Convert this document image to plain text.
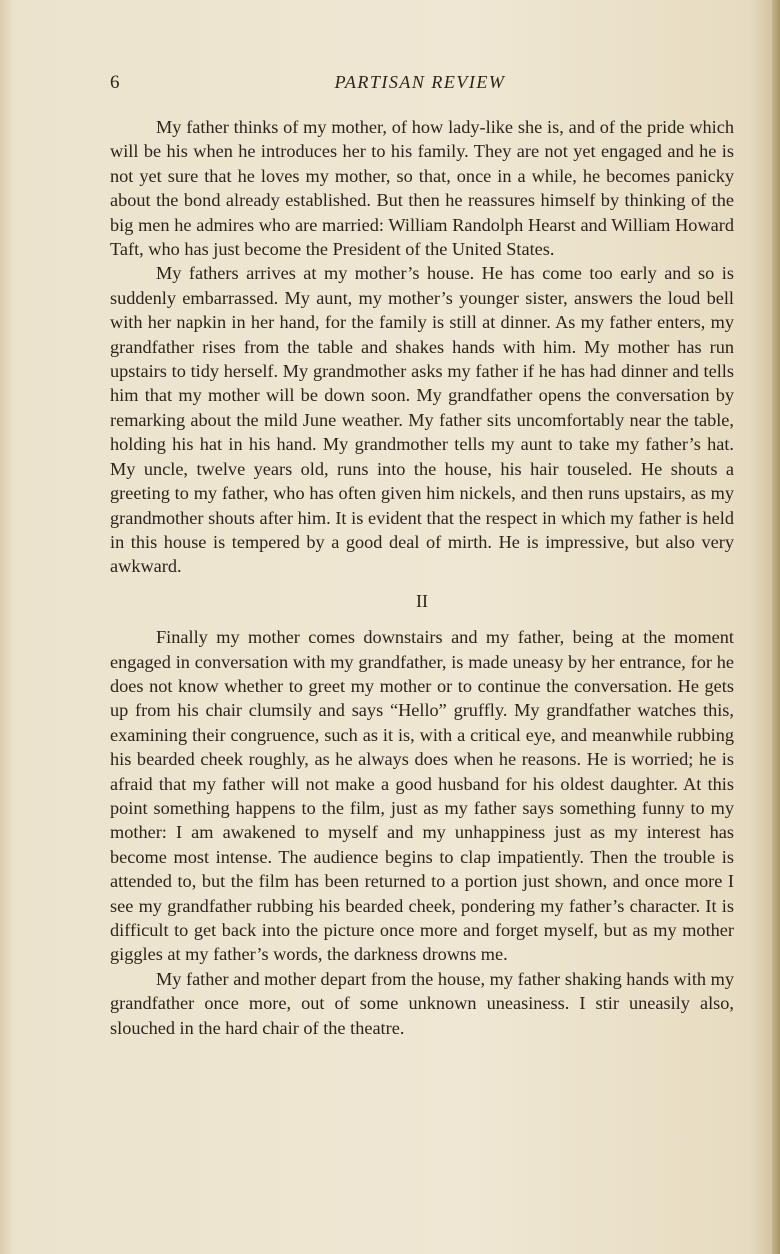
6	PARTISAN REVIEW

My father thinks of my mother, of how lady-like she is, and of the pride which will be his when he introduces her to his family. They are not yet engaged and he is not yet sure that he loves my mother, so that, once in a while, he becomes panicky about the bond already established. But then he reassures himself by thinking of the big men he admires who are married: William Randolph Hearst and William Howard Taft, who has just become the President of the United States.

My fathers arrives at my mother’s house. He has come too early and so is suddenly embarrassed. My aunt, my mother’s younger sister, answers the loud bell with her napkin in her hand, for the family is still at dinner. As my father enters, my grandfather rises from the table and shakes hands with him. My mother has run upstairs to tidy herself. My grandmother asks my father if he has had dinner and tells him that my mother will be down soon. My grandfather opens the conversation by remarking about the mild June weather. My father sits uncomfortably near the table, holding his hat in his hand. My grandmother tells my aunt to take my father’s hat. My uncle, twelve years old, runs into the house, his hair touseled. He shouts a greeting to my father, who has often given him nickels, and then runs upstairs, as my grandmother shouts after him. It is evident that the respect in which my father is held in this house is tempered by a good deal of mirth. He is impressive, but also very awkward.

II

Finally my mother comes downstairs and my father, being at the moment engaged in conversation with my grandfather, is made uneasy by her entrance, for he does not know whether to greet my mother or to continue the conversation. He gets up from his chair clumsily and says “Hello” gruffly. My grandfather watches this, examining their congruence, such as it is, with a critical eye, and meanwhile rubbing his bearded cheek roughly, as he always does when he reasons. He is worried; he is afraid that my father will not make a good husband for his oldest daughter. At this point something happens to the film, just as my father says something funny to my mother: I am awakened to myself and my unhappiness just as my interest has become most intense. The audience begins to clap impatiently. Then the trouble is attended to, but the film has been returned to a portion just shown, and once more I see my grandfather rubbing his bearded cheek, pondering my father’s character. It is difficult to get back into the picture once more and forget myself, but as my mother giggles at my father’s words, the darkness drowns me.

My father and mother depart from the house, my father shaking hands with my grandfather once more, out of some unknown uneasiness. I stir uneasily also, slouched in the hard chair of the theatre.
